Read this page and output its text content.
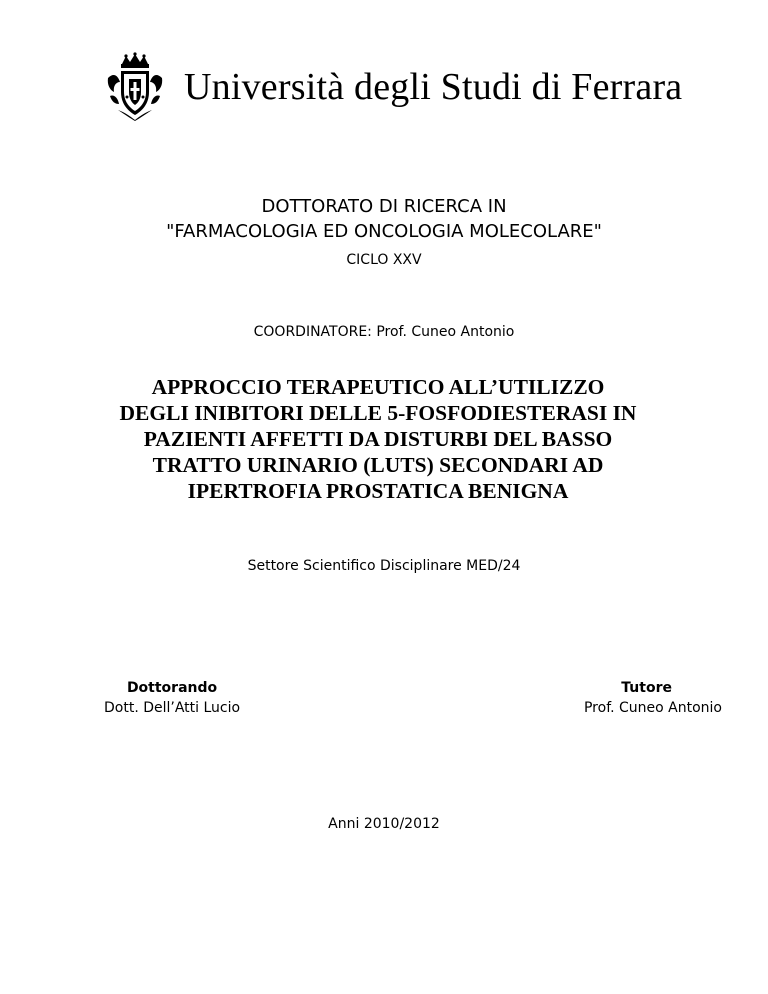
Università degli Studi di Ferrara
DOTTORATO DI RICERCA IN
"FARMACOLOGIA ED ONCOLOGIA MOLECOLARE"
CICLO XXV
COORDINATORE: Prof. Cuneo Antonio
APPROCCIO TERAPEUTICO ALL’UTILIZZO
DEGLI INIBITORI DELLE 5-FOSFODIESTERASI IN
PAZIENTI AFFETTI DA DISTURBI DEL BASSO
TRATTO URINARIO (LUTS) SECONDARI AD
IPERTROFIA PROSTATICA BENIGNA
Settore Scientifico Disciplinare MED/24
Dottorando
Dott. Dell’Atti Lucio
Tutore
Prof. Cuneo Antonio
Anni 2010/2012
